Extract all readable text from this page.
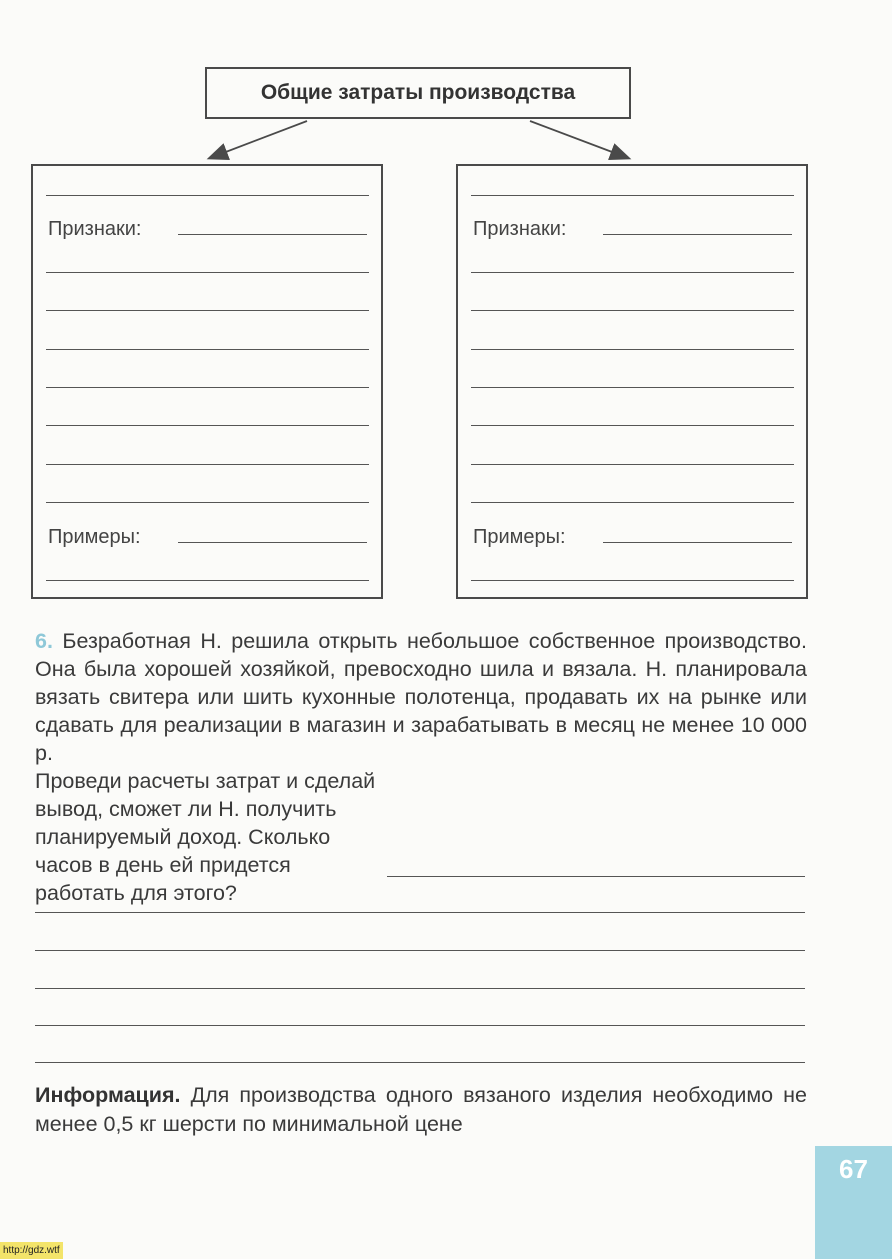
Общие затраты производства
Признаки:
Примеры:
Признаки:
Примеры:

6. Безработная Н. решила открыть небольшое собственное производство. Она была хорошей хозяйкой, превосходно шила и вязала. Н. планировала вязать свитера или шить кухонные полотенца, продавать их на рынке или сдавать для реализации в магазин и зарабатывать в месяц не менее 10 000 р.

Проведи расчеты затрат и сделай вывод, сможет ли Н. получить планируемый доход. Сколько часов в день ей придется работать для этого?

Информация. Для производства одного вязаного изделия необходимо не менее 0,5 кг шерсти по минимальной цене
67
http://gdz.wtf
